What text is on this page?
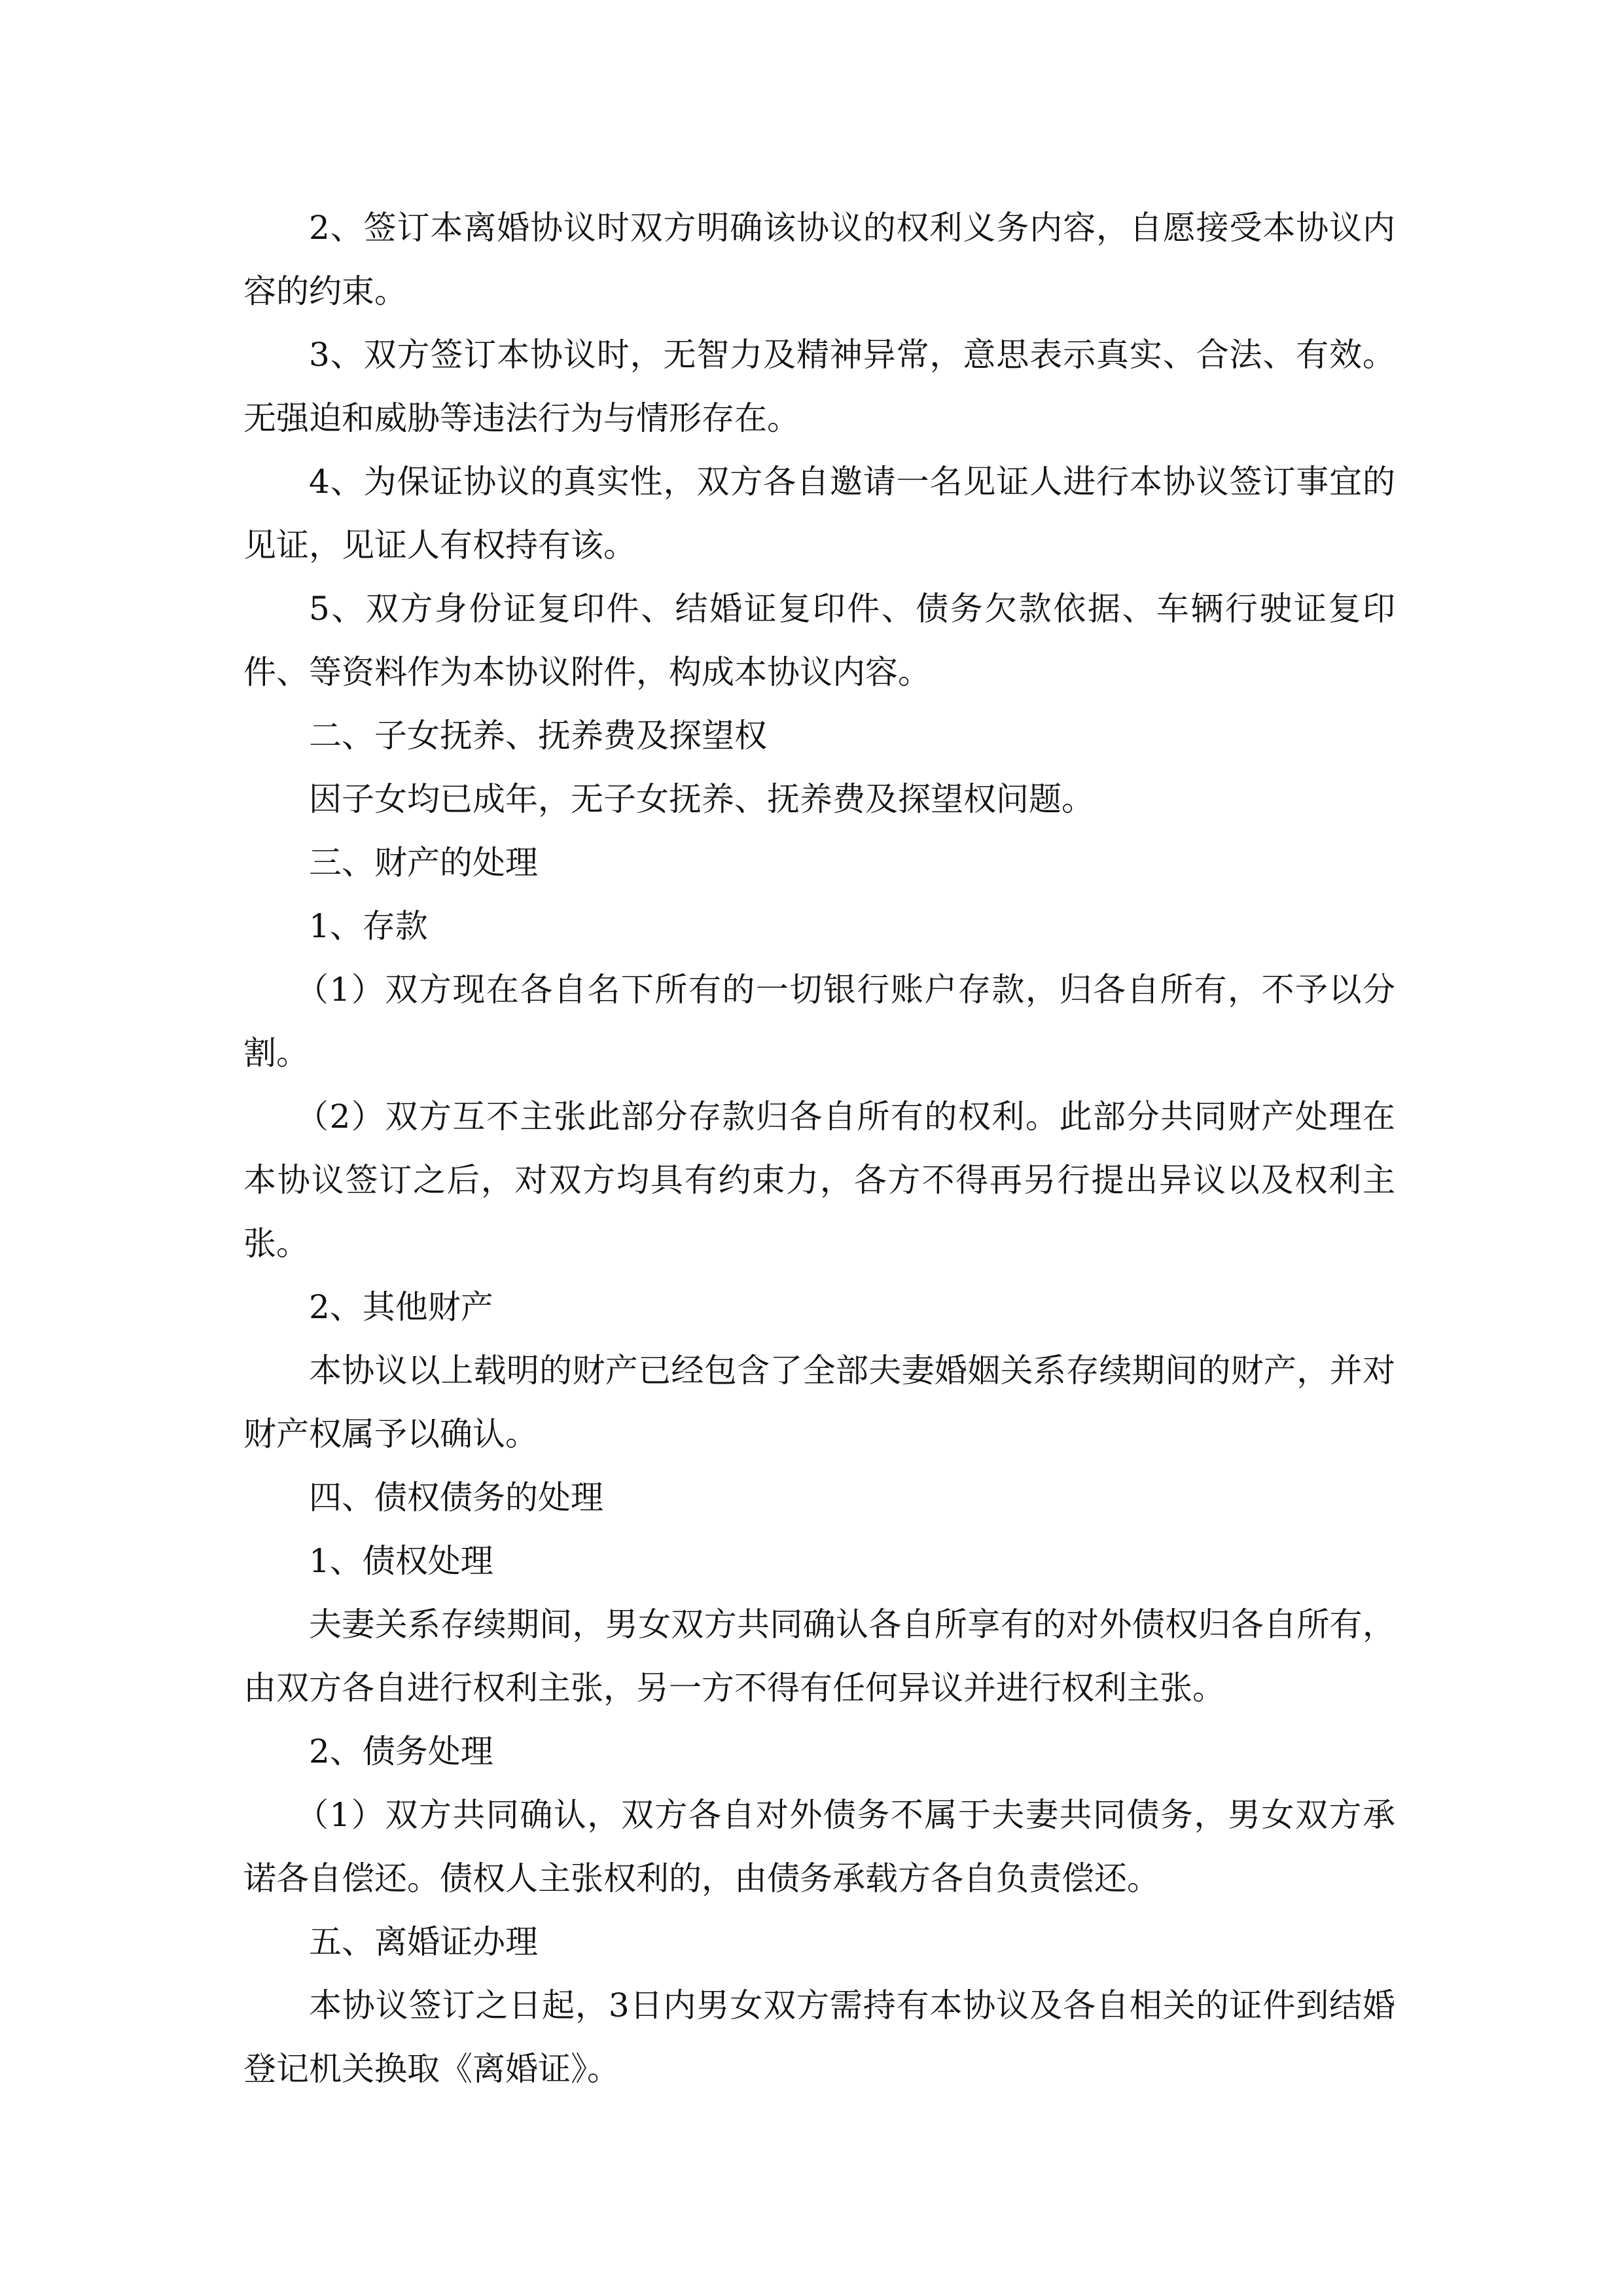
2、签订本离婚协议时双方明确该协议的权利义务内容，自愿接受本协议内容的约束。

3、双方签订本协议时，无智力及精神异常，意思表示真实、合法、有效。无强迫和威胁等违法行为与情形存在。

4、为保证协议的真实性，双方各自邀请一名见证人进行本协议签订事宜的见证，见证人有权持有该。

5、双方身份证复印件、结婚证复印件、债务欠款依据、车辆行驶证复印件、等资料作为本协议附件，构成本协议内容。

二、子女抚养、抚养费及探望权

因子女均已成年，无子女抚养、抚养费及探望权问题。

三、财产的处理

1、存款

（1）双方现在各自名下所有的一切银行账户存款，归各自所有，不予以分割。

（2）双方互不主张此部分存款归各自所有的权利。此部分共同财产处理在本协议签订之后，对双方均具有约束力，各方不得再另行提出异议以及权利主张。

2、其他财产

本协议以上载明的财产已经包含了全部夫妻婚姻关系存续期间的财产，并对财产权属予以确认。

四、债权债务的处理

1、债权处理

夫妻关系存续期间，男女双方共同确认各自所享有的对外债权归各自所有，由双方各自进行权利主张，另一方不得有任何异议并进行权利主张。

2、债务处理

（1）双方共同确认，双方各自对外债务不属于夫妻共同债务，男女双方承诺各自偿还。债权人主张权利的，由债务承载方各自负责偿还。

五、离婚证办理

本协议签订之日起，3日内男女双方需持有本协议及各自相关的证件到结婚登记机关换取《离婚证》。
